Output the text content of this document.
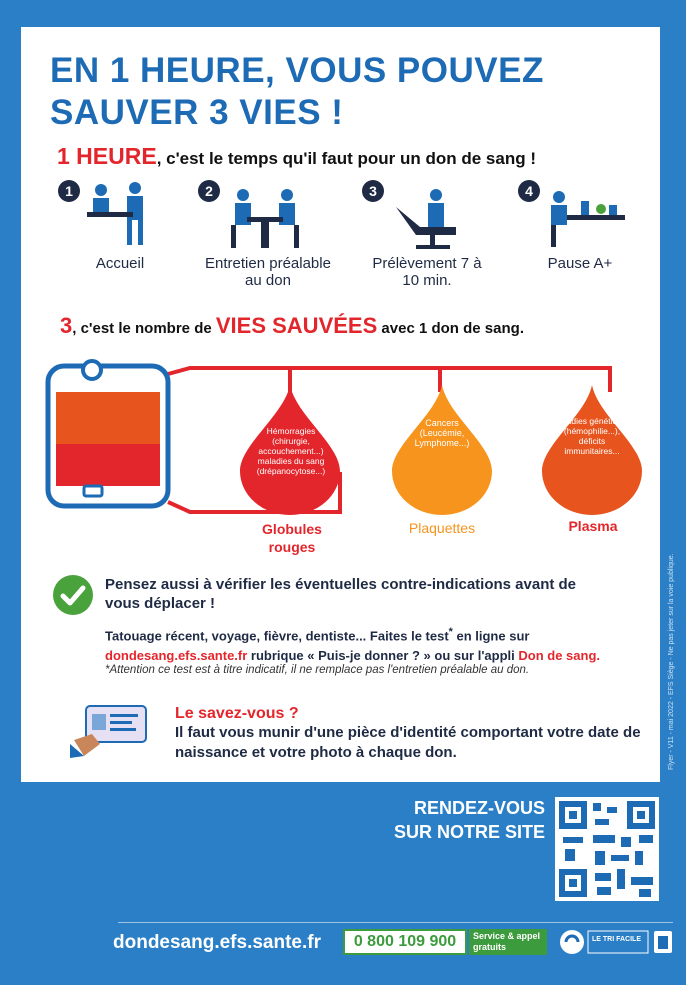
EN 1 HEURE, VOUS POUVEZ
SAUVER 3 VIES !
1 HEURE, c'est le temps qu'il faut pour un don de sang !
1	2	3	4
Accueil	Entretien préalable au don
Prélèvement 7 à 10 min.
Pause A+
3, c'est le nombre de VIES SAUVÉES avec 1 don de sang.
Hémorragies (chirurgie, accouchement...) maladies du sang (drépanocytose...)
Cancers (Leucémie, Lymphome...)
Maladies génétiques (hémophilie...), déficits immunitaires...
Globules rouges
Plaquettes	Plasma
Pensez aussi à vérifier les éventuelles contre-indications avant de vous déplacer !
Tatouage récent, voyage, fièvre, dentiste... Faites le test* en ligne sur
dondesang.efs.sante.fr rubrique « Puis-je donner ? » ou sur l'appli Don de sang.
*Attention ce test est à titre indicatif, il ne remplace pas l'entretien préalable au don.
Le savez-vous ?
Il faut vous munir d'une pièce d'identité comportant votre date de naissance et votre photo à chaque don.	Flyer - V11 - mai 2022 - EFS Siège - Ne pas jeter sur la voie publique.
RENDEZ-VOUS
SUR NOTRE SITE
dondesang.efs.sante.fr	0 800 109 900	Service & appel gratuits
LE TRI FACILE
